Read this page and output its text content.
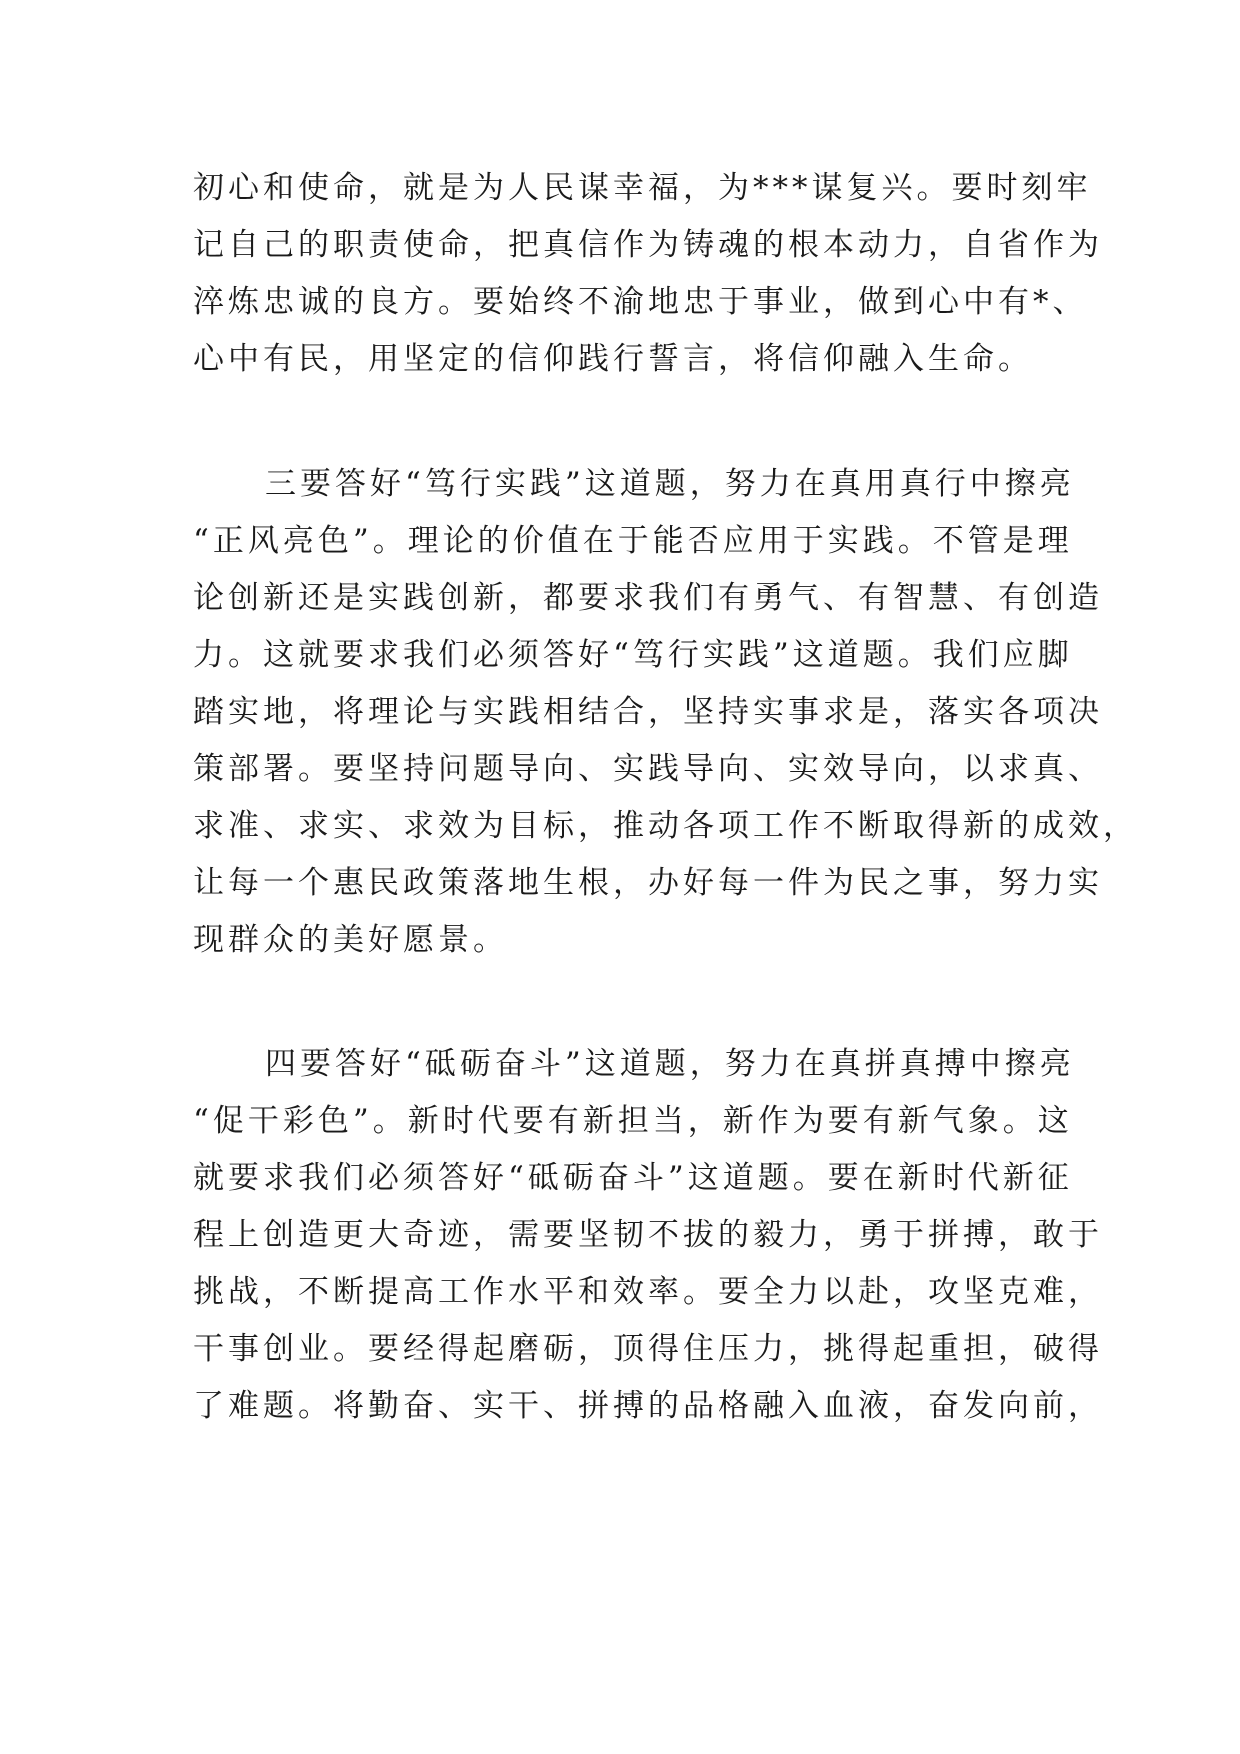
初心和使命，就是为人民谋幸福，为***谋复兴。要时刻牢
记自己的职责使命，把真信作为铸魂的根本动力，自省作为
淬炼忠诚的良方。要始终不渝地忠于事业，做到心中有*、
心中有民，用坚定的信仰践行誓言，将信仰融入生命。
三要答好“笃行实践”这道题，努力在真用真行中擦亮
“正风亮色”。理论的价值在于能否应用于实践。不管是理
论创新还是实践创新，都要求我们有勇气、有智慧、有创造
力。这就要求我们必须答好“笃行实践”这道题。我们应脚
踏实地，将理论与实践相结合，坚持实事求是，落实各项决
策部署。要坚持问题导向、实践导向、实效导向，以求真、
求准、求实、求效为目标，推动各项工作不断取得新的成效，
让每一个惠民政策落地生根，办好每一件为民之事，努力实
现群众的美好愿景。
四要答好“砥砺奋斗”这道题，努力在真拼真搏中擦亮
“促干彩色”。新时代要有新担当，新作为要有新气象。这
就要求我们必须答好“砥砺奋斗”这道题。要在新时代新征
程上创造更大奇迹，需要坚韧不拔的毅力，勇于拼搏，敢于
挑战，不断提高工作水平和效率。要全力以赴，攻坚克难，
干事创业。要经得起磨砺，顶得住压力，挑得起重担，破得
了难题。将勤奋、实干、拼搏的品格融入血液，奋发向前，
